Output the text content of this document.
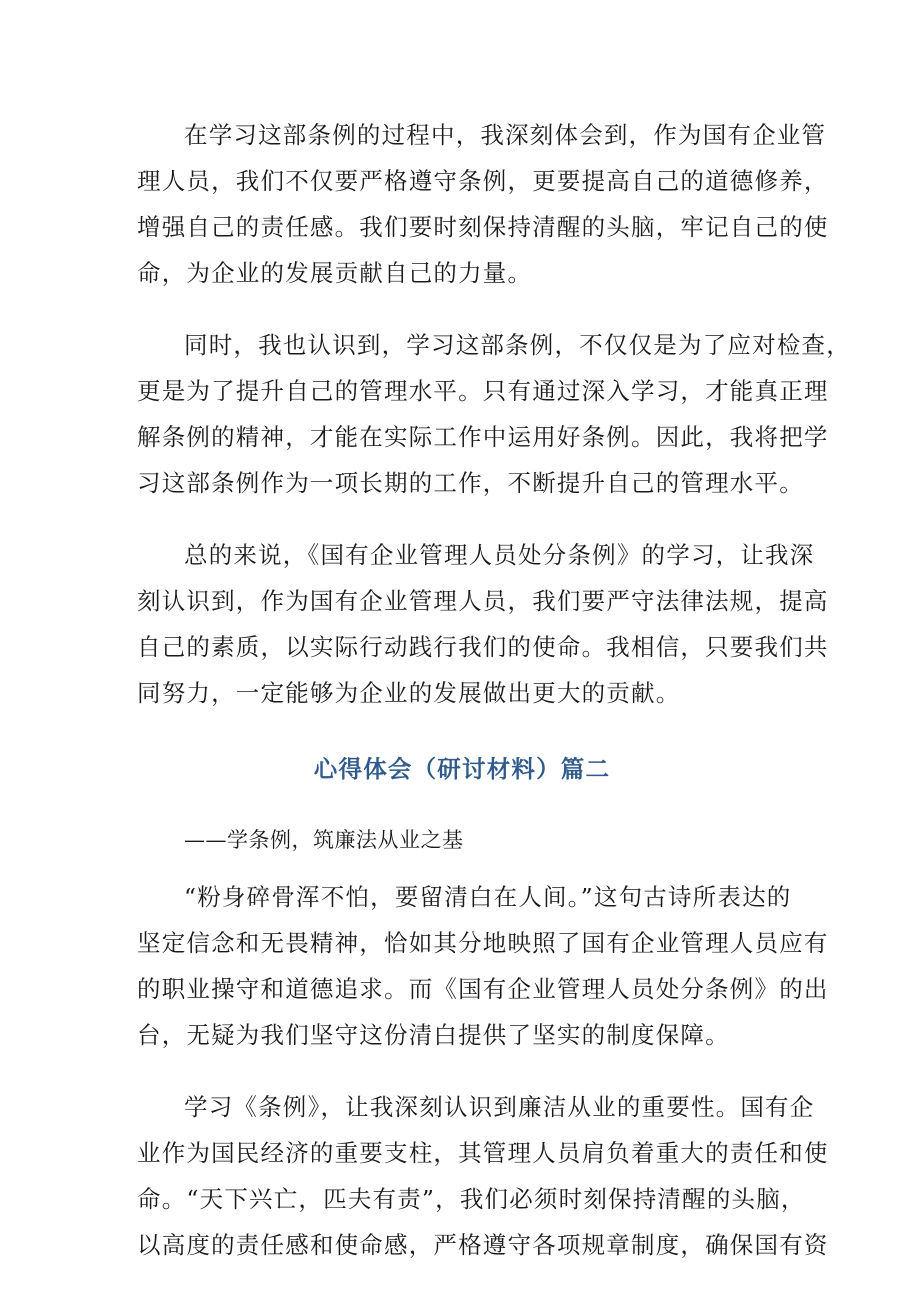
在学习这部条例的过程中，我深刻体会到，作为国有企业管
理人员，我们不仅要严格遵守条例，更要提高自己的道德修养，
增强自己的责任感。我们要时刻保持清醒的头脑，牢记自己的使
命，为企业的发展贡献自己的力量。

同时，我也认识到，学习这部条例，不仅仅是为了应对检查，
更是为了提升自己的管理水平。只有通过深入学习，才能真正理
解条例的精神，才能在实际工作中运用好条例。因此，我将把学
习这部条例作为一项长期的工作，不断提升自己的管理水平。

总的来说，《国有企业管理人员处分条例》的学习，让我深
刻认识到，作为国有企业管理人员，我们要严守法律法规，提高
自己的素质，以实际行动践行我们的使命。我相信，只要我们共
同努力，一定能够为企业的发展做出更大的贡献。

心得体会（研讨材料）篇二

——学条例，筑廉法从业之基

“粉身碎骨浑不怕，要留清白在人间。”这句古诗所表达的
坚定信念和无畏精神，恰如其分地映照了国有企业管理人员应有
的职业操守和道德追求。而《国有企业管理人员处分条例》的出
台，无疑为我们坚守这份清白提供了坚实的制度保障。

学习《条例》，让我深刻认识到廉洁从业的重要性。国有企
业作为国民经济的重要支柱，其管理人员肩负着重大的责任和使
命。“天下兴亡，匹夫有责”，我们必须时刻保持清醒的头脑，
以高度的责任感和使命感，严格遵守各项规章制度，确保国有资
